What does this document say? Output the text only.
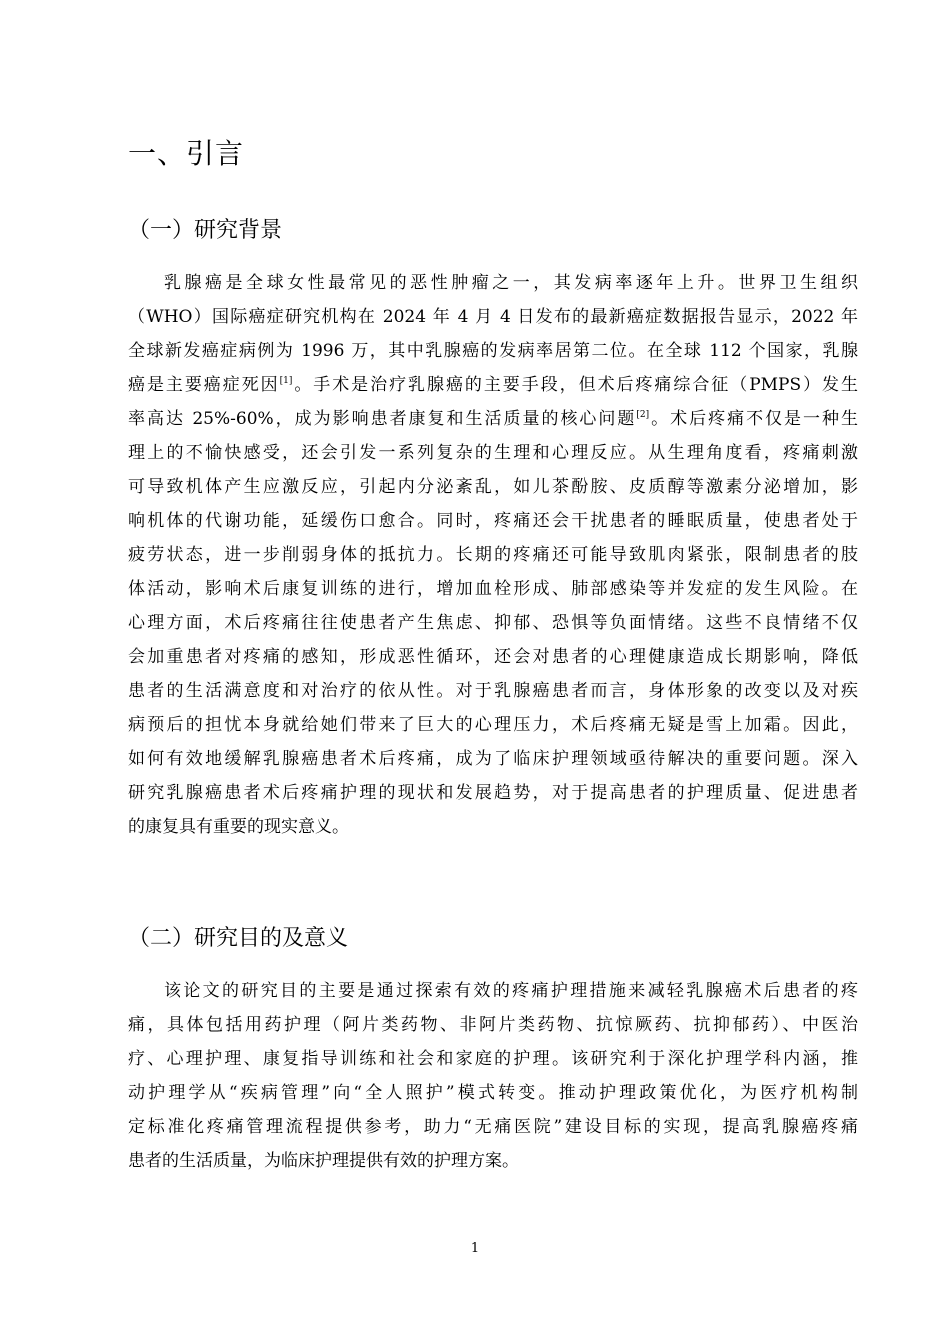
一、引言
（一）研究背景
乳腺癌是全球女性最常见的恶性肿瘤之一，其发病率逐年上升。世界卫生组织
（WHO）国际癌症研究机构在 2024 年 4 月 4 日发布的最新癌症数据报告显示，2022 年
全球新发癌症病例为 1996 万，其中乳腺癌的发病率居第二位。在全球 112 个国家，乳腺
癌是主要癌症死因[1]。手术是治疗乳腺癌的主要手段，但术后疼痛综合征（PMPS）发生
率高达 25%-60%，成为影响患者康复和生活质量的核心问题[2]。术后疼痛不仅是一种生
理上的不愉快感受，还会引发一系列复杂的生理和心理反应。从生理角度看，疼痛刺激
可导致机体产生应激反应，引起内分泌紊乱，如儿茶酚胺、皮质醇等激素分泌增加，影
响机体的代谢功能，延缓伤口愈合。同时，疼痛还会干扰患者的睡眠质量，使患者处于
疲劳状态，进一步削弱身体的抵抗力。长期的疼痛还可能导致肌肉紧张，限制患者的肢
体活动，影响术后康复训练的进行，增加血栓形成、肺部感染等并发症的发生风险。在
心理方面，术后疼痛往往使患者产生焦虑、抑郁、恐惧等负面情绪。这些不良情绪不仅
会加重患者对疼痛的感知，形成恶性循环，还会对患者的心理健康造成长期影响，降低
患者的生活满意度和对治疗的依从性。对于乳腺癌患者而言，身体形象的改变以及对疾
病预后的担忧本身就给她们带来了巨大的心理压力，术后疼痛无疑是雪上加霜。因此，
如何有效地缓解乳腺癌患者术后疼痛，成为了临床护理领域亟待解决的重要问题。深入
研究乳腺癌患者术后疼痛护理的现状和发展趋势，对于提高患者的护理质量、促进患者
的康复具有重要的现实意义。
（二）研究目的及意义
该论文的研究目的主要是通过探索有效的疼痛护理措施来减轻乳腺癌术后患者的疼
痛，具体包括用药护理（阿片类药物、非阿片类药物、抗惊厥药、抗抑郁药）、中医治
疗、心理护理、康复指导训练和社会和家庭的护理。该研究利于深化护理学科内涵，推
动护理学从“疾病管理”向“全人照护”模式转变。推动护理政策优化，为医疗机构制
定标准化疼痛管理流程提供参考，助力“无痛医院”建设目标的实现，提高乳腺癌疼痛
患者的生活质量，为临床护理提供有效的护理方案。
1
